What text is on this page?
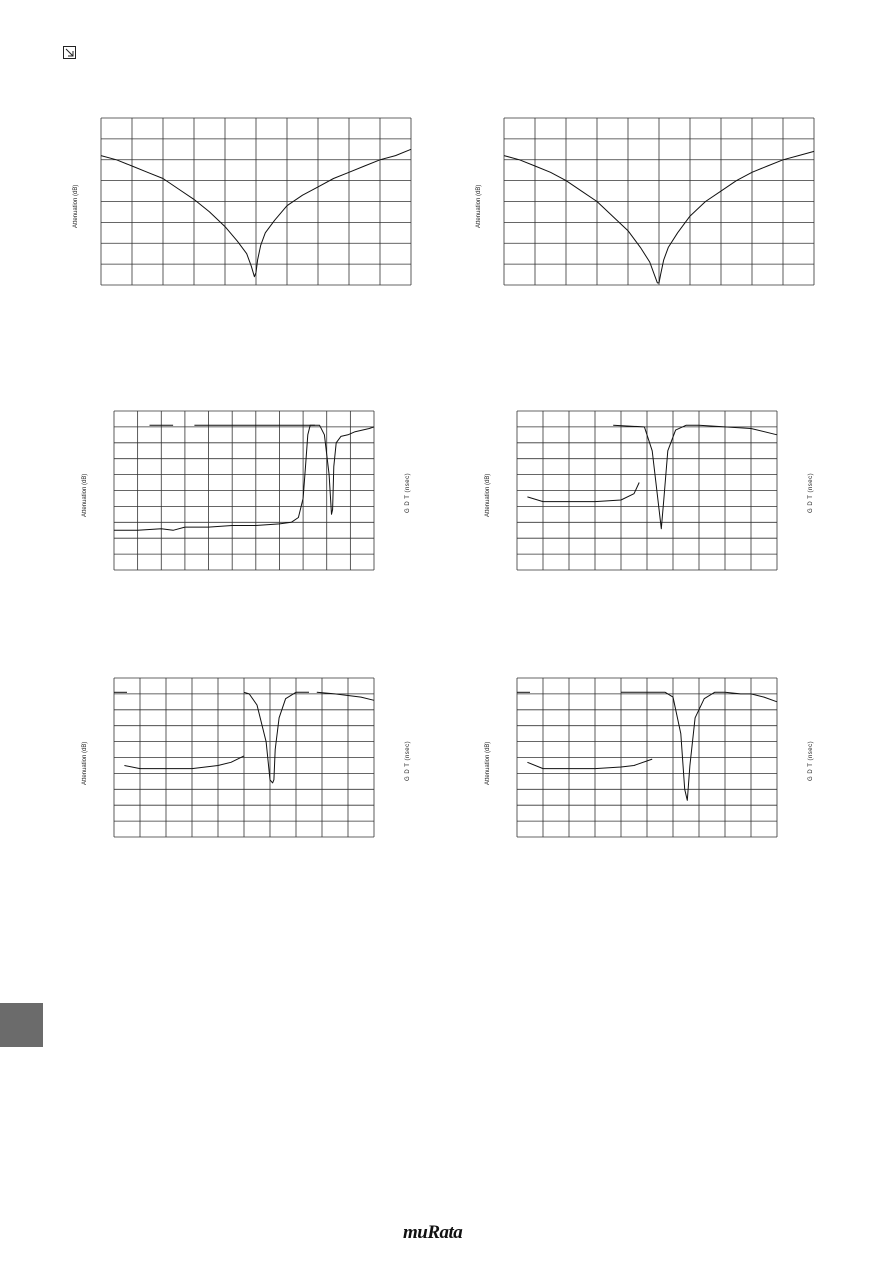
Attenuation (dB)	Attenuation (dB)
Attenuation (dB)	G D T (nsec)	Attenuation (dB)	G D T (nsec)
Attenuation (dB)	G D T (nsec)	Attenuation (dB)	G D T (nsec)
muRata
